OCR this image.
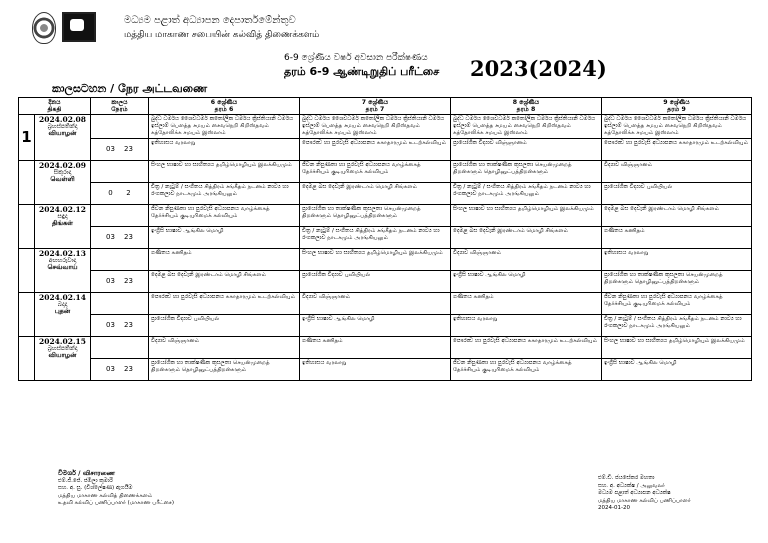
මධ්‍යම පළාත් අධ්‍යාපන දෙපාර්තමේන්තුව
மத்திய மாகாண சபையின் கல்வித் திணைக்களம்
6-9 ශ්‍රේණිය වර්ෂ අවසාන පරීක්ෂණය
தரம் 6-9 ஆண்டிறுதிப் பரீட்சை 2023(2024)
කාලසටහන / நேர அட்டவணை
දිනය
திகதி		කාලය
நேரம்	6 ශ්‍රේණිය
தரம் 6	7 ශ්‍රේණිය
தரம் 7	8 ශ්‍රේණිය
தரம் 8	9 ශ්‍රේණිය
தரம் 9
1	2024.02.08
බ්‍රහස්පතින්දා
வியாழன்		බුද්ධ ධර්මය ශෛවධර්ම කතෝලික ධර්මය ක්‍රිස්තියානි ධර්මය ඉස්ලාම් பௌத்த சமயம் சைவநெறி கிறிஸ்தவம் கத்தோலிக்க சமயம் இஸ்லாம்	බුද්ධ ධර්මය ශෛවධර්ම කතෝලික ධර්මය ක්‍රිස්තියානි ධර්මය ඉස්ලාම් பௌத்த சமயம் சைவநெறி கிறிஸ்தவம் கத்தோலிக்க சமயம் இஸ்லாம்	බුද්ධ ධර්මය ශෛවධර්ම කතෝලික ධර්මය ක්‍රිස්තියානි ධර්මය ඉස්ලාම් பௌத்த சமயம் சைவநெறி கிறிஸ்தவம் கத்தோலிக்க சமயம் இஸ்லாம்	බුද්ධ ධර්මය ශෛවධර්ම කතෝලික ධර්මය ක්‍රිස්තියානි ධර්මය ඉස්ලාම් பௌத்த சமயம் சைவநெறி கிறிஸ்தவம் கத்தோலிக்க சமயம் இஸ்லாம்
		03 23	ඉතිහාසය வரலாறு	පෞරත්‍ව හා පුරවැසි අධ්‍යාපනය சுகாதாரமும் உடற்கல்வியும்	ප්‍රායෝගික විද්‍යාව விஞ்ஞானம்	පෞරත්‍ව හා පුරවැසි අධ්‍යාපනය சுகாதாரமும் உடற்கல்வியும்

	2024.02.09
සිකුරාදා
வெள்ளி		සිංහල භාෂාව හා සාහිත්‍යය தமிழ்மொழியும் இலக்கியமும்	ජීවන නිපුණතා හා පුරවැසි අධ්‍යාපනය வாழ்க்கைத் தேர்ச்சியும் குடியுரிமைக் கல்வியும்	ප්‍රායෝගික හා තාක්ෂණික කුසලතා செயன்முறைத் திறன்களும் தொழினுட்பத்திறன்களும்	විද්‍යාව விஞ்ஞானம்
		0 2	චිත්‍ර / නැටුම් / සංගීතය சித்திரம் சங்கீதம் நடனம் නාට්‍ය හා රංගකලාව நாடகமும் அரங்கியலும்	දෙමළ බස දෙවැනි இரண்டாம் மொழி சிங்களம்	චිත්‍ර / නැටුම් / සංගීතය சித்திரம் சங்கீதம் நடனம் නාට්‍ය හා රංගකලාව நாடகமும் அரங்கியலும்	ප්‍රායෝගික විද්‍යාව புவியியல்

	2024.02.12
සඳුදා
திங்கள்		ජීවන නිපුණතා හා පුරවැසි අධ්‍යාපනය வாழ்க்கைத் தேர்ச்சியும் குடியுரிமைக் கல்வியும்	ප්‍රායෝගික හා තාක්ෂණික කුසලතා செயன்முறைத் திறன்களும் தொழினுட்பத்திறன்களும்	සිංහල භාෂාව හා සාහිත්‍යය தமிழ்மொழியும் இலக்கியமும்	දෙමළ බස දෙවැනි இரண்டாம் மொழி சிங்களம்
		03 23	ඉංග්‍රීසි භාෂාව ஆங்கில மொழி	චිත්‍ර / නැටුම් / සංගීතය சித்திரம் சங்கீதம் நடனம் නාට්‍ය හා රංගකලාව நாடகமும் அரங்கியலும்	දෙමළ බස දෙවැනි இரண்டாம் மொழி சிங்களம்	ගණිතය கணிதம்

	2024.02.13
අඟහරුවාදා
செவ்வாய்		ගණිතය கணிதம்	සිංහල භාෂාව හා සාහිත්‍යය தமிழ்மொழியும் இலக்கியமும்	විද්‍යාව விஞ்ஞானம்	ඉතිහාසය வரலாறு
		03 23	දෙමළ බස දෙවැනි இரண்டாம் மொழி சிங்களம்	ප්‍රායෝගික විද්‍යාව புவியியல்	ඉංග්‍රීසි භාෂාව ஆங்கில மொழி	ප්‍රායෝගික හා තාක්ෂණික කුසලතා செயன்முறைத் திறன்களும் தொழினுட்பத்திறன்களும்

	2024.02.14
බදාදා
புதன்		පෞරත්‍ව හා පුරවැසි අධ්‍යාපනය சுகாதாரமும் உடற்கல்வியும்	විද්‍යාව விஞ்ஞானம்	ගණිතය கணிதம்	ජීවන නිපුණතා හා පුරවැසි අධ්‍යාපනය வாழ்க்கைத் தேர்ச்சியும் குடியுரிமைக் கல்வியும்
		03 23	ප්‍රායෝගික විද්‍යාව புவியியல்	ඉංග්‍රීසි භාෂාව ஆங்கில மொழி	ඉතිහාසය வரலாறு	චිත්‍ර / නැටුම් / සංගීතය சித்திரம் சங்கீதம் நடனம் නාට්‍ය හා රංගකලාව நாடகமும் அரங்கியலும்

	2024.02.15
බ්‍රහස්පතින්දා
வியாழன்		විද්‍යාව விஞ்ஞானம்	ගණිතය கணிதம்	පෞරත්‍ව හා පුරවැසි අධ්‍යාපනය சுகாதாரமும் உடற்கல்வியும்	සිංහල භාෂාව හා සාහිත්‍යය தமிழ்மொழியும் இலக்கியமும்
		03 23	ප්‍රායෝගික හා තාක්ෂණික කුසලතා செயன்முறைத் திறன்களும் தொழினுட்பத்திறன்களும்	ඉතිහාසය வரலாறு	ජීවන නිපුණතා හා පුරවැසි අධ්‍යාපනය வாழ்க்கைத் தேர்ச்சியும் குடியுரிமைக் கல்வியும்	ඉංග්‍රීසි භාෂාව ஆங்கில மொழி
විමර්ශ / விசாரணை
එම්.ජී.ජේ. ජමීලා කුමාරි
සහ. අ. සු. (විශ්ලේෂණ) ඇගයීම
மத்திய மாகாண கல்வித் திணைக்களம்
உதவி கல்விப் பணிப்பாளர் (மாகாண பரீட்சை)
එම්.ඩී. ජයසේකර මහතා
සහ. අ. අධ්‍යක්ෂ / அலுவலர்
මධ්‍යම පළාත් අධ්‍යාපන අධ්‍යක්ෂ
மத்திய மாகாண கல்விப் பணிப்பாளர்
2024-01-20
